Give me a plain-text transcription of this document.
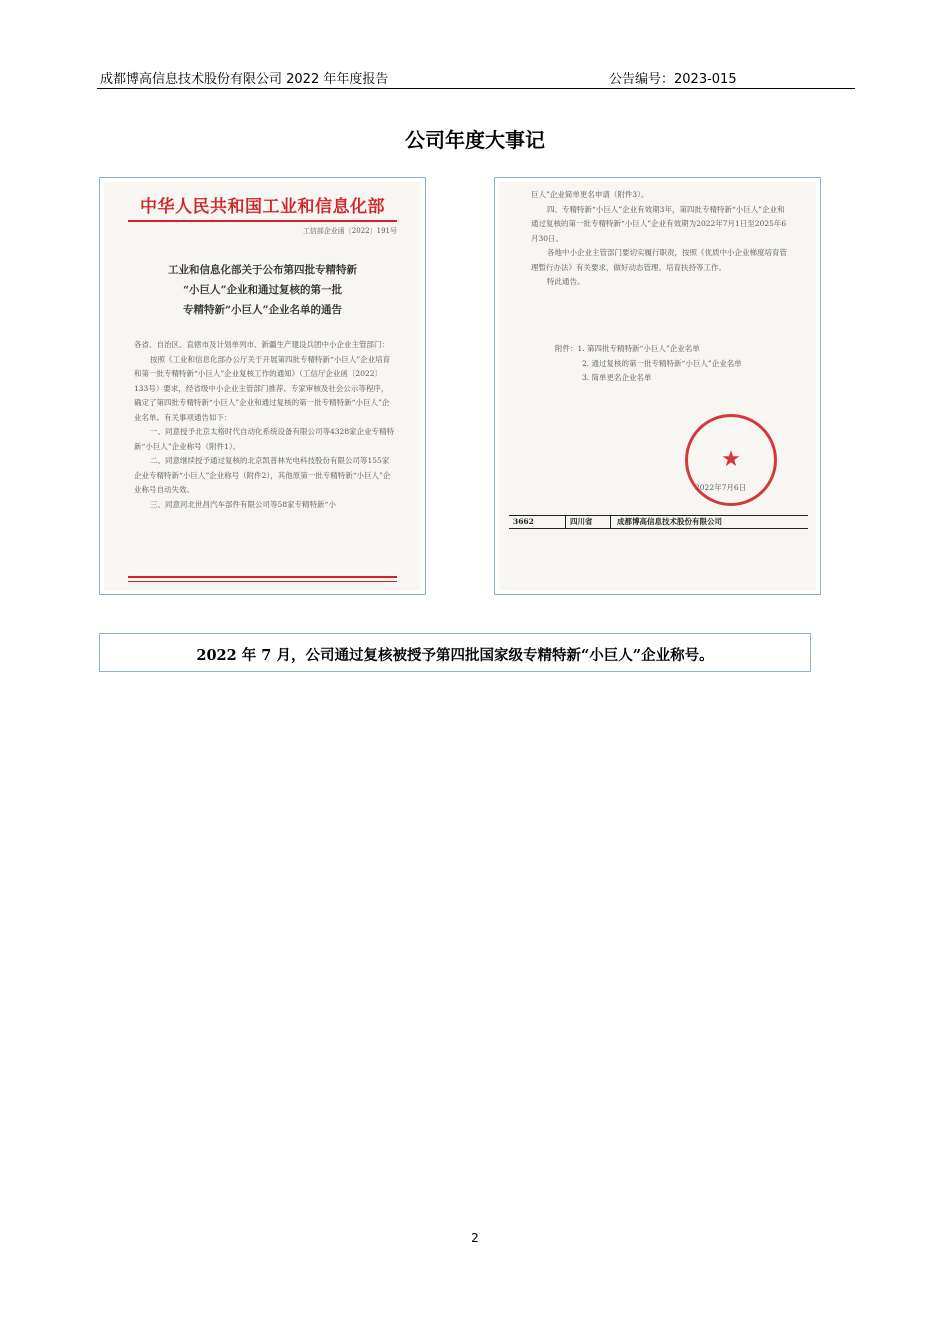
成都博高信息技术股份有限公司 2022 年年度报告	公告编号：2023-015
公司年度大事记
中华人民共和国工业和信息化部
工信部企业函〔2022〕191号
工业和信息化部关于公布第四批专精特新
“小巨人”企业和通过复核的第一批
专精特新“小巨人”企业名单的通告

各省、自治区、直辖市及计划单列市、新疆生产建设兵团中小企业主管部门：

按照《工业和信息化部办公厅关于开展第四批专精特新“小巨人”企业培育和第一批专精特新“小巨人”企业复核工作的通知》（工信厅企业函〔2022〕133号）要求，经省级中小企业主管部门推荐、专家审核及社会公示等程序，确定了第四批专精特新“小巨人”企业和通过复核的第一批专精特新“小巨人”企业名单。有关事项通告如下：

一、同意授予北京太格时代自动化系统设备有限公司等4328家企业专精特新“小巨人”企业称号（附件1）。

二、同意继续授予通过复核的北京凯普林光电科技股份有限公司等155家企业专精特新“小巨人”企业称号（附件2），其他原第一批专精特新“小巨人”企业称号自动失效。

三、同意河北世昌汽车部件有限公司等58家专精特新“小

巨人”企业简单更名申请（附件3）。

四、专精特新“小巨人”企业有效期3年，第四批专精特新“小巨人”企业和通过复核的第一批专精特新“小巨人”企业有效期为2022年7月1日至2025年6月30日。

各地中小企业主管部门要切实履行职责，按照《优质中小企业梯度培育管理暂行办法》有关要求，做好动态管理、培育扶持等工作。

特此通告。

附件：1. 第四批专精特新“小巨人”企业名单
2. 通过复核的第一批专精特新“小巨人”企业名单
3. 简单更名企业名单
★
2022年7月6日
3662	四川省	成都博高信息技术股份有限公司
2022 年 7 月，公司通过复核被授予第四批国家级专精特新“小巨人”企业称号。
2
